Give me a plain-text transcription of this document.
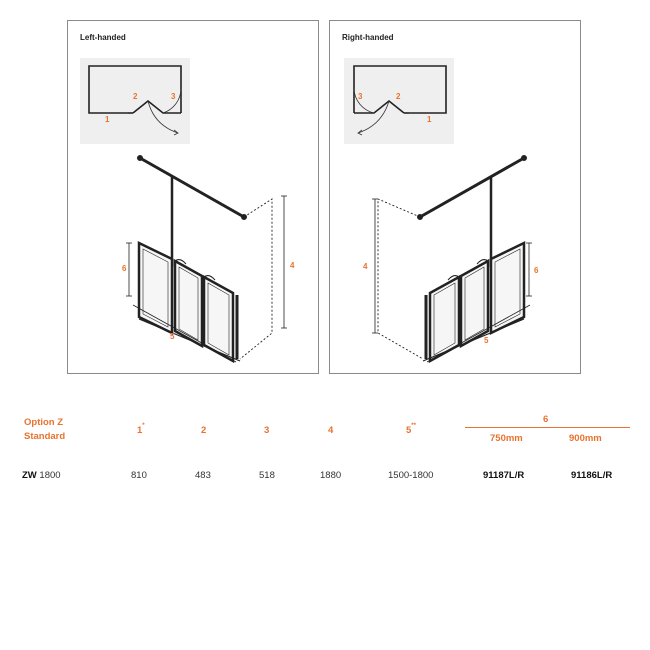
Left-handed
1
2	3
6	4
5
Right-handed
1
2
3
6
4
5
Option Z
Standard
1*	2	3	4	5**
6
750mm	900mm
ZW 1800	810	483	518	1880	1500-1800	91187L/R	91186L/R
